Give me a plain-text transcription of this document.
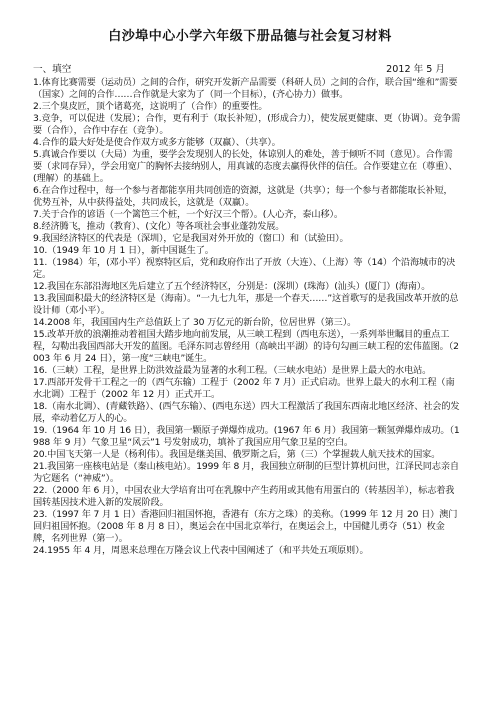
白沙埠中心小学六年级下册品德与社会复习材料
一、填空	2012 年 5 月

1.体育比赛需要（运动员）之间的合作，研究开发新产品需要（科研人员）之间的合作，联合国“维和”需要（国家）之间的合作……合作就是大家为了（同一个目标），(齐心协力）做事。

2.三个臭皮匠，顶个诸葛亮，这说明了（合作）的重要性。

3.竞争，可以促进（发展）；合作，更有利于（取长补短），(形成合力），使发展更健康、更（协调）。竞争需要（合作），合作中存在（竞争）。

4.合作的最大好处是使合作双方或多方能够（双赢）、（共享）。

5.真诚合作要以（大局）为重，要学会发现别人的长处，体谅别人的难处，善于倾听不同（意见）。合作需要（求同存异），学会用宽广的胸怀去接纳别人，用真诚的态度去赢得伙伴的信任。合作要建立在（尊重）、(理解）的基础上。

6.在合作过程中，每一个参与者都能享用共同创造的资源，这就是（共享）；每一个参与者都能取长补短，优势互补，从中获得益处，共同成长，这就是（双赢）。

7.关于合作的谚语（一个篱笆三个桩，一个好汉三个帮）。(人心齐，泰山移）。

8.经济腾飞，推动（教育）、(文化）等各项社会事业蓬勃发展。

9.我国经济特区的代表是（深圳），它是我国对外开放的（窗口）和（试验田）。

10.（1949 年 10 月 1 日），新中国诞生了。

11.（1984）年，(邓小平）视察特区后，党和政府作出了开放（大连）、（上海）等（14）个沿海城市的决定。

12.我国在东部沿海地区先后建立了五个经济特区，分别是：(深圳）(珠海）(汕头）(厦门）(海南）。

13.我国面积最大的经济特区是（海南）。“一九七九年，那是一个春天……”这首歌写的是我国改革开放的总设计师（邓小平）。

14.2008 年，我国国内生产总值跃上了 30 万亿元的新台阶，位居世界（第三）。

15.改革开放的浪潮推动着祖国大踏步地向前发展，从三峡工程到（西电东送），一系列举世瞩目的重点工程，勾勒出我国西部大开发的蓝图。毛泽东同志曾经用（高峡出平湖）的诗句勾画三峡工程的宏伟蓝图。（2003 年 6 月 24 日），第一度“三峡电”诞生。

16.（三峡）工程，是世界上防洪效益最为显著的水利工程。（三峡水电站）是世界上最大的水电站。

17.西部开发骨干工程之一的（西气东输）工程于（2002 年 7 月）正式启动。世界上最大的水利工程（南水北调）工程于（2002 年 12 月）正式开工。

18.（南水北调）、(青藏铁路）、(西气东输）、(西电东送）四大工程激活了我国东西南北地区经济、社会的发展，牵动着亿万人的心。

19.（1964 年 10 月 16 日），我国第一颗原子弹爆炸成功。(1967 年 6 月）我国第一颗氢弹爆炸成功。（1988 年 9 月）气象卫星“风云”1 号发射成功，填补了我国应用气象卫星的空白。

20.中国飞天第一人是（杨利伟）。我国是继美国、俄罗斯之后，第（三）个掌握载人航天技术的国家。

21.我国第一座核电站是（秦山核电站）。1999 年 8 月，我国独立研制的巨型计算机问世，江泽民同志亲自为它题名（“神威”）。

22.（2000 年 6 月），中国农业大学培育出可在乳腺中产生药用或其他有用蛋白的（转基因羊），标志着我国转基因技术进入新的发展阶段。

23.（1997 年 7 月 1 日）香港回归祖国怀抱，香港有（东方之珠）的美称。（1999 年 12 月 20 日）澳门回归祖国怀抱。（2008 年 8 月 8 日），奥运会在中国北京举行，在奥运会上，中国健儿勇夺（51）枚金牌，名列世界（第一）。

24.1955 年 4 月，周恩来总理在万隆会议上代表中国阐述了（和平共处五项原则）。
